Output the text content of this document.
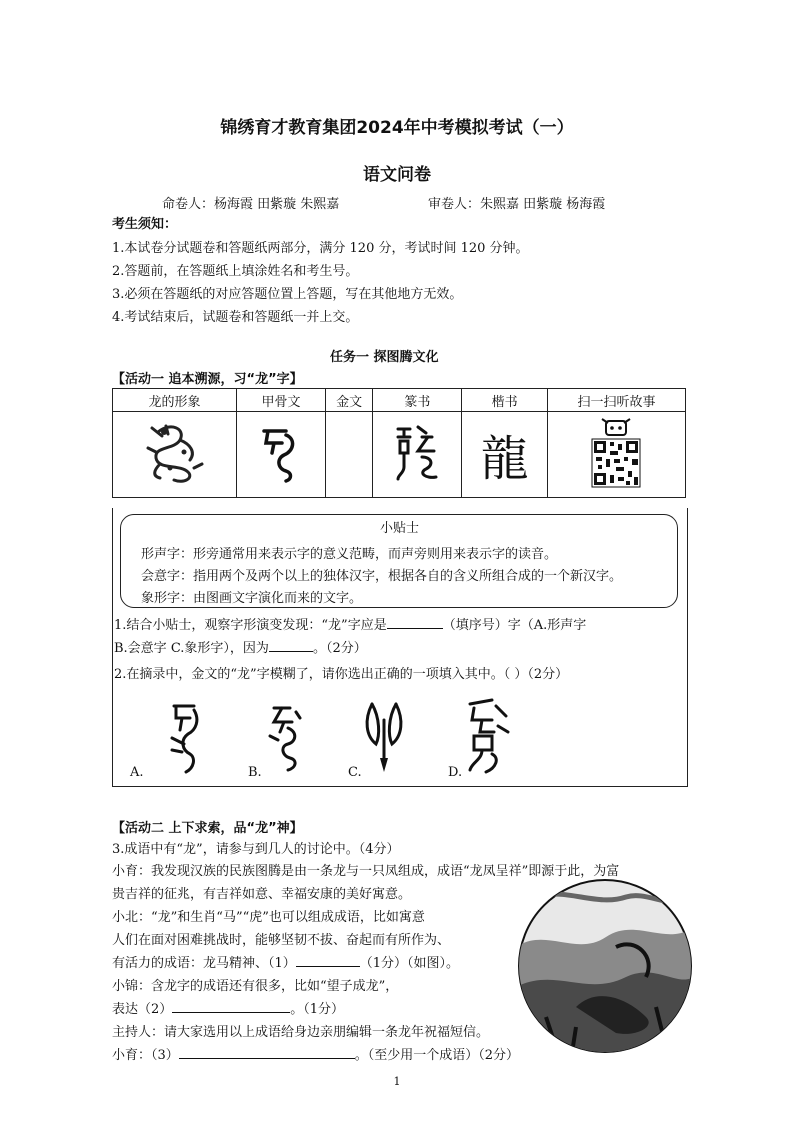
锦绣育才教育集团2024年中考模拟考试（一）
语文问卷
命卷人：杨海霞 田紫璇 朱熙嘉	审卷人：朱熙嘉 田紫璇 杨海霞
考生须知：
1.本试卷分试题卷和答题纸两部分，满分 120 分，考试时间 120 分钟。
2.答题前，在答题纸上填涂姓名和考生号。
3.必须在答题纸的对应答题位置上答题，写在其他地方无效。
4.考试结束后，试题卷和答题纸一并上交。
任务一 探图腾文化
【活动一 追本溯源，习“龙”字】
龙的形象	甲骨文	金文	篆书	楷书	扫一扫听故事
				龍	
小贴士
形声字：形旁通常用来表示字的意义范畴，而声旁则用来表示字的读音。
会意字：指用两个及两个以上的独体汉字，根据各自的含义所组合成的一个新汉字。
象形字：由图画文字演化而来的文字。
1.结合小贴士，观察字形演变发现：“龙”字应是	（填序号）字（A.形声字
B.会意字 C.象形字），因为	。（2分）
2.在摘录中，金文的“龙”字模糊了，请你选出正确的一项填入其中。（ ）（2分）
A.	B.	C.	D.
【活动二 上下求索，品“龙”神】
3.成语中有“龙”，请参与到几人的讨论中。（4分）
小育：我发现汉族的民族图腾是由一条龙与一只凤组成，成语“龙凤呈祥”即源于此，为富
贵吉祥的征兆，有吉祥如意、幸福安康的美好寓意。
小北：“龙”和生肖“马”“虎”也可以组成成语，比如寓意
人们在面对困难挑战时，能够坚韧不拔、奋起而有所作为、
有活力的成语：龙马精神、（1）	（1分）（如图）。
小锦：含龙字的成语还有很多，比如“望子成龙”，
表达（2）	。（1分）
主持人：请大家选用以上成语给身边亲朋编辑一条龙年祝福短信。
小育：（3）	。（至少用一个成语）（2分）
1
